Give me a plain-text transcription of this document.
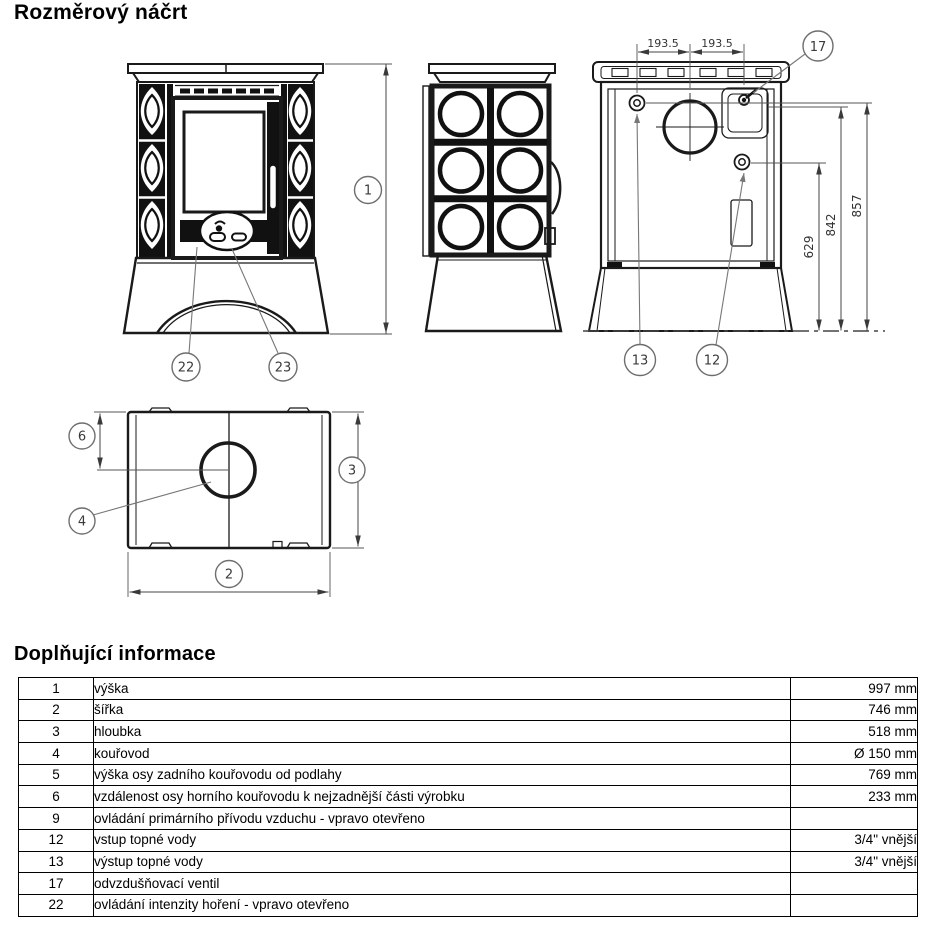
Rozměrový náčrt
1
22	23
193.5 193.5
629
842
857
17
13	12
6
3
4
2
Doplňující informace
1	výška	997 mm
2	šířka	746 mm
3	hloubka	518 mm
4	kouřovod	Ø 150 mm
5	výška osy zadního kouřovodu od podlahy	769 mm
6	vzdálenost osy horního kouřovodu k nejzadnější části výrobku	233 mm
9	ovládání primárního přívodu vzduchu - vpravo otevřeno	
12	vstup topné vody	3/4" vnější
13	výstup topné vody	3/4" vnější
17	odvzdušňovací ventil	
22	ovládání intenzity hoření - vpravo otevřeno	
